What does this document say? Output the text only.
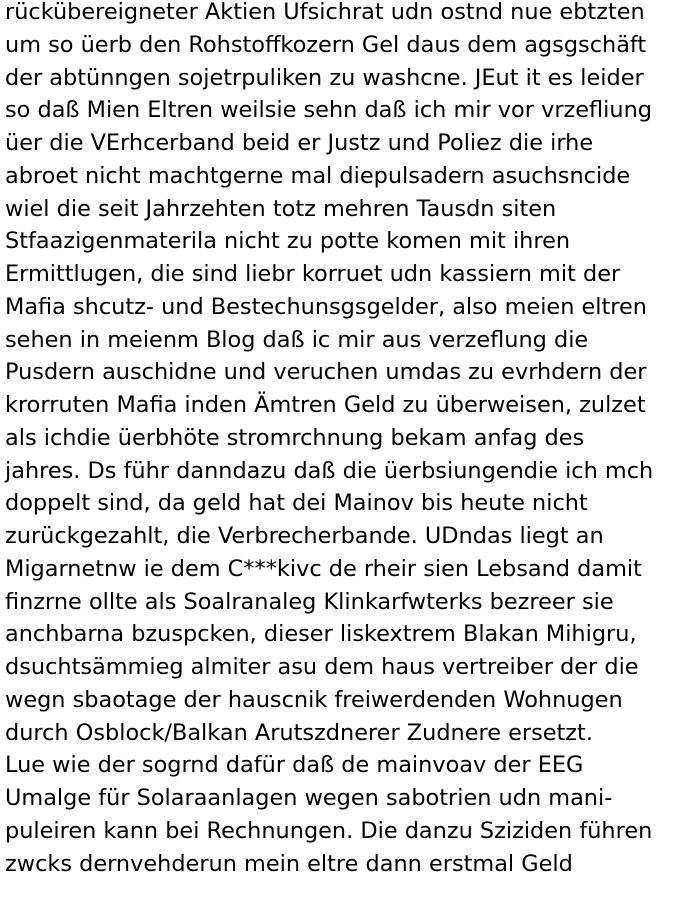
rückübereigneter Aktien Ufsichrat udn ostnd nue ebtzten
um so üerb den Rohstoffkozern Gel daus dem agsgschäft
der abtünngen sojetrpuliken zu washcne. JEut it es leider
so daß Mien Eltren weilsie sehn daß ich mir vor vrzefliung
üer die VErhcerband beid er Justz und Poliez die irhe
abroet nicht machtgerne mal diepulsadern asuchsncide
wiel die seit Jahrzehten totz mehren Tausdn siten
Stfaazigenmaterila nicht zu potte komen mit ihren
Ermittlugen, die sind liebr korruet udn kassiern mit der
Mafia shcutz- und Bestechunsgsgelder, also meien eltren
sehen in meienm Blog daß ic mir aus verzeflung die
Pusdern auschidne und veruchen umdas zu evrhdern der
krorruten Mafia inden Ämtren Geld zu überweisen, zulzet
als ichdie üerbhöte stromrchnung bekam anfag des
jahres. Ds führ danndazu daß die üerbsiungendie ich mch
doppelt sind, da geld hat dei Mainov bis heute nicht
zurückgezahlt, die Verbrecherbande. UDndas liegt an
Migarnetnw ie dem C***kivc de rheir sien Lebsand damit
finzrne ollte als Soalranaleg Klinkarfwterks bezreer sie
anchbarna bzuspcken, dieser liskextrem Blakan Mihigru,
dsuchtsämmieg almiter asu dem haus vertreiber der die
wegn sbaotage der hauscnik freiwerdenden Wohnugen
durch Osblock/Balkan Arutszdnerer Zudnere ersetzt.
Lue wie der sogrnd dafür daß de mainvoav der EEG
Umalge für Solaraanlagen wegen sabotrien udn mani-
puleiren kann bei Rechnungen. Die danzu Sziziden führen
zwcks dernvehderun mein eltre dann erstmal Geld
